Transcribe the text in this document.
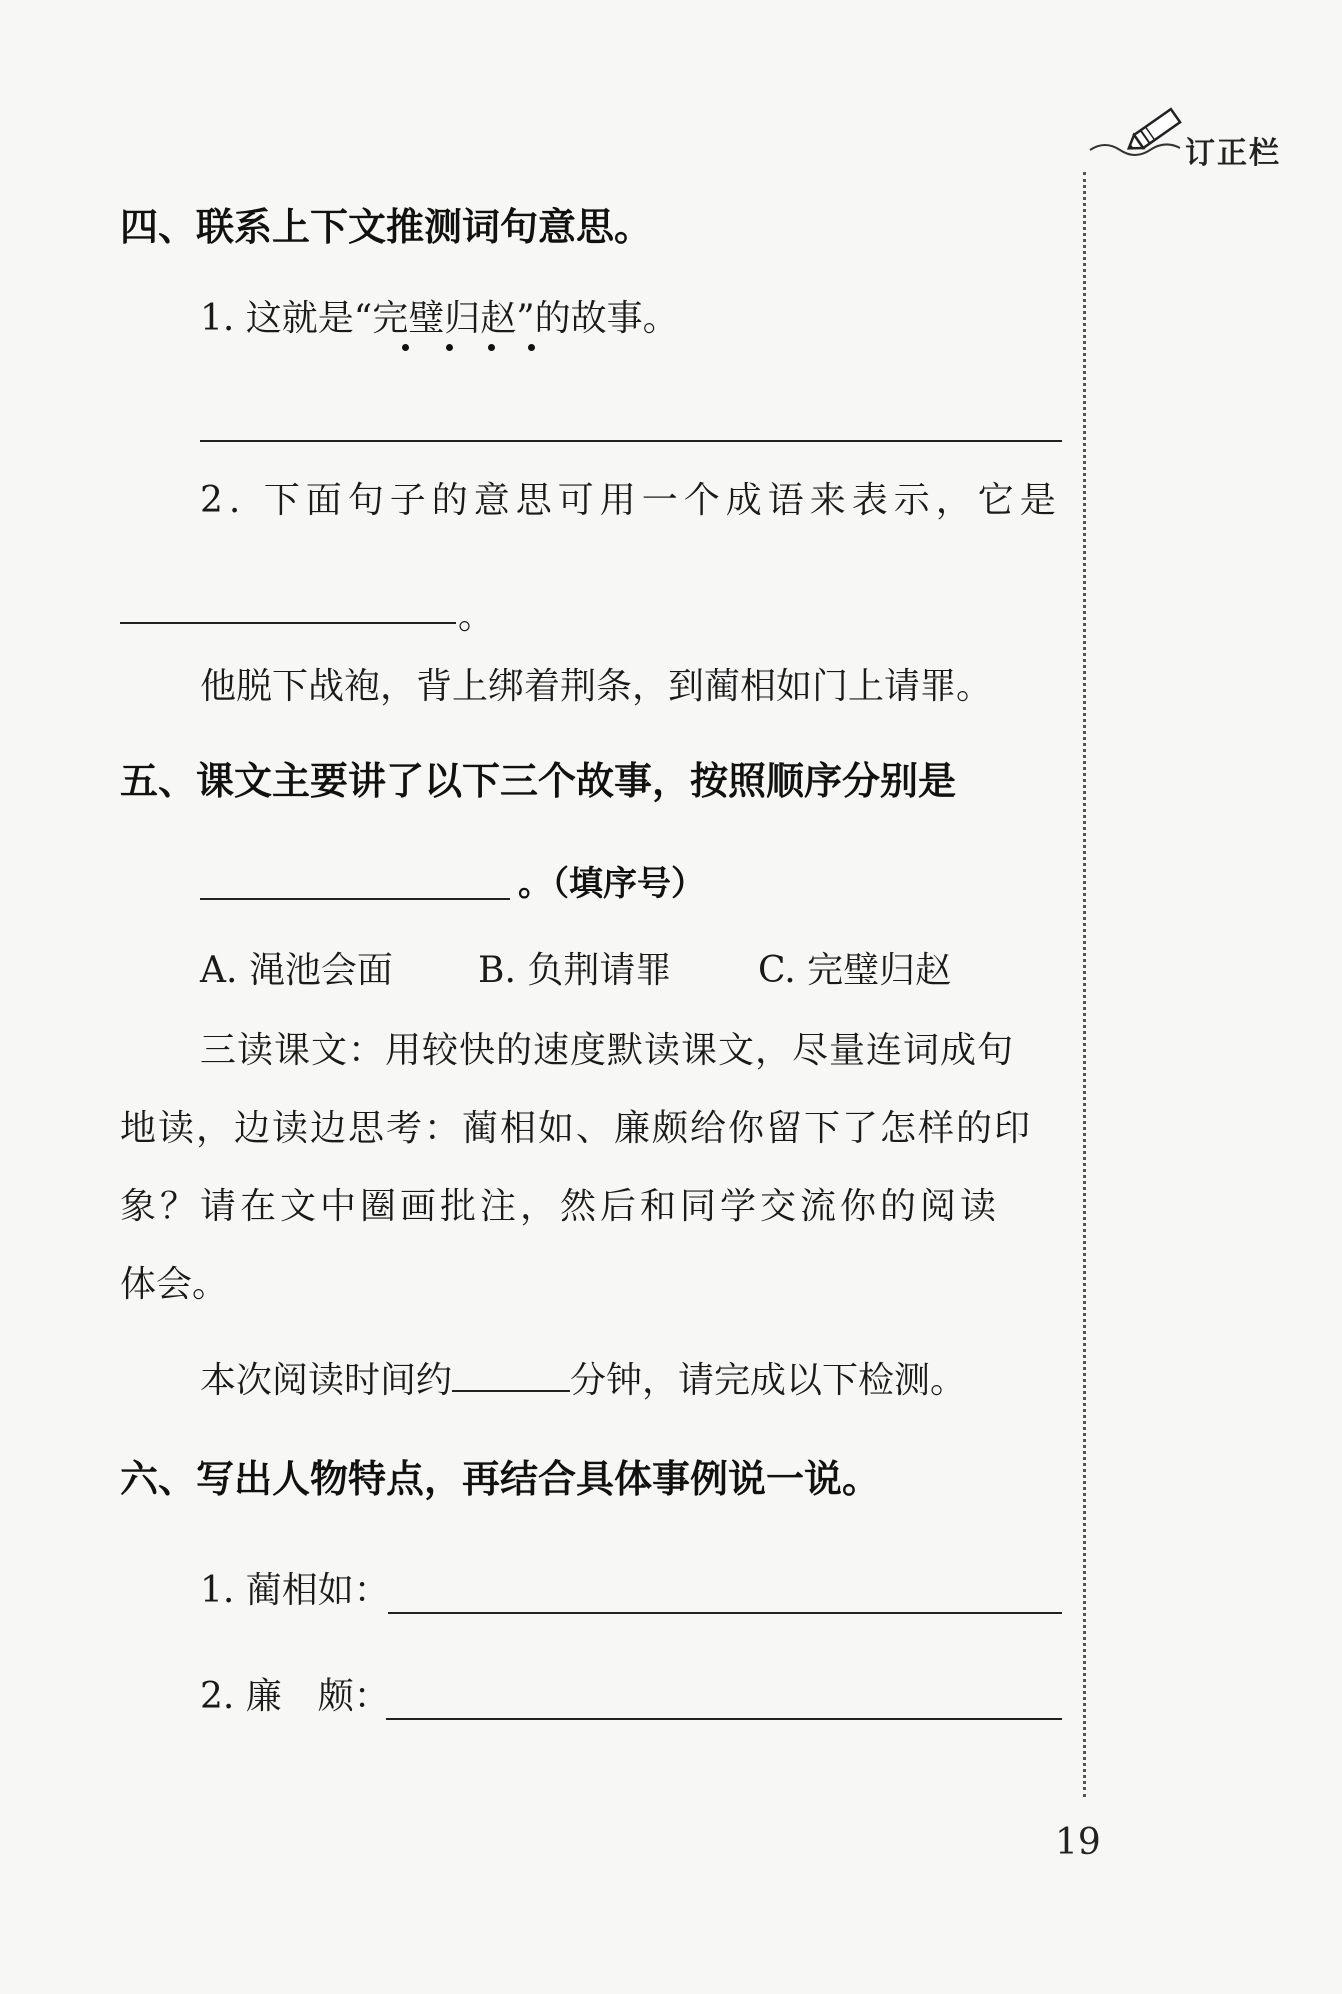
订正栏
四、联系上下文推测词句意思。
1. 这就是“完璧归赵”的故事。
2. 下面句子的意思可用一个成语来表示，它是
。
他脱下战袍，背上绑着荆条，到蔺相如门上请罪。
五、课文主要讲了以下三个故事，按照顺序分别是
。（填序号）
A. 渑池会面 B. 负荆请罪 C. 完璧归赵
三读课文：用较快的速度默读课文，尽量连词成句
地读，边读边思考：蔺相如、廉颇给你留下了怎样的印
象？请在文中圈画批注，然后和同学交流你的阅读
体会。
本次阅读时间约	分钟，请完成以下检测。
六、写出人物特点，再结合具体事例说一说。
1. 蔺相如：
2. 廉　颇：
19
